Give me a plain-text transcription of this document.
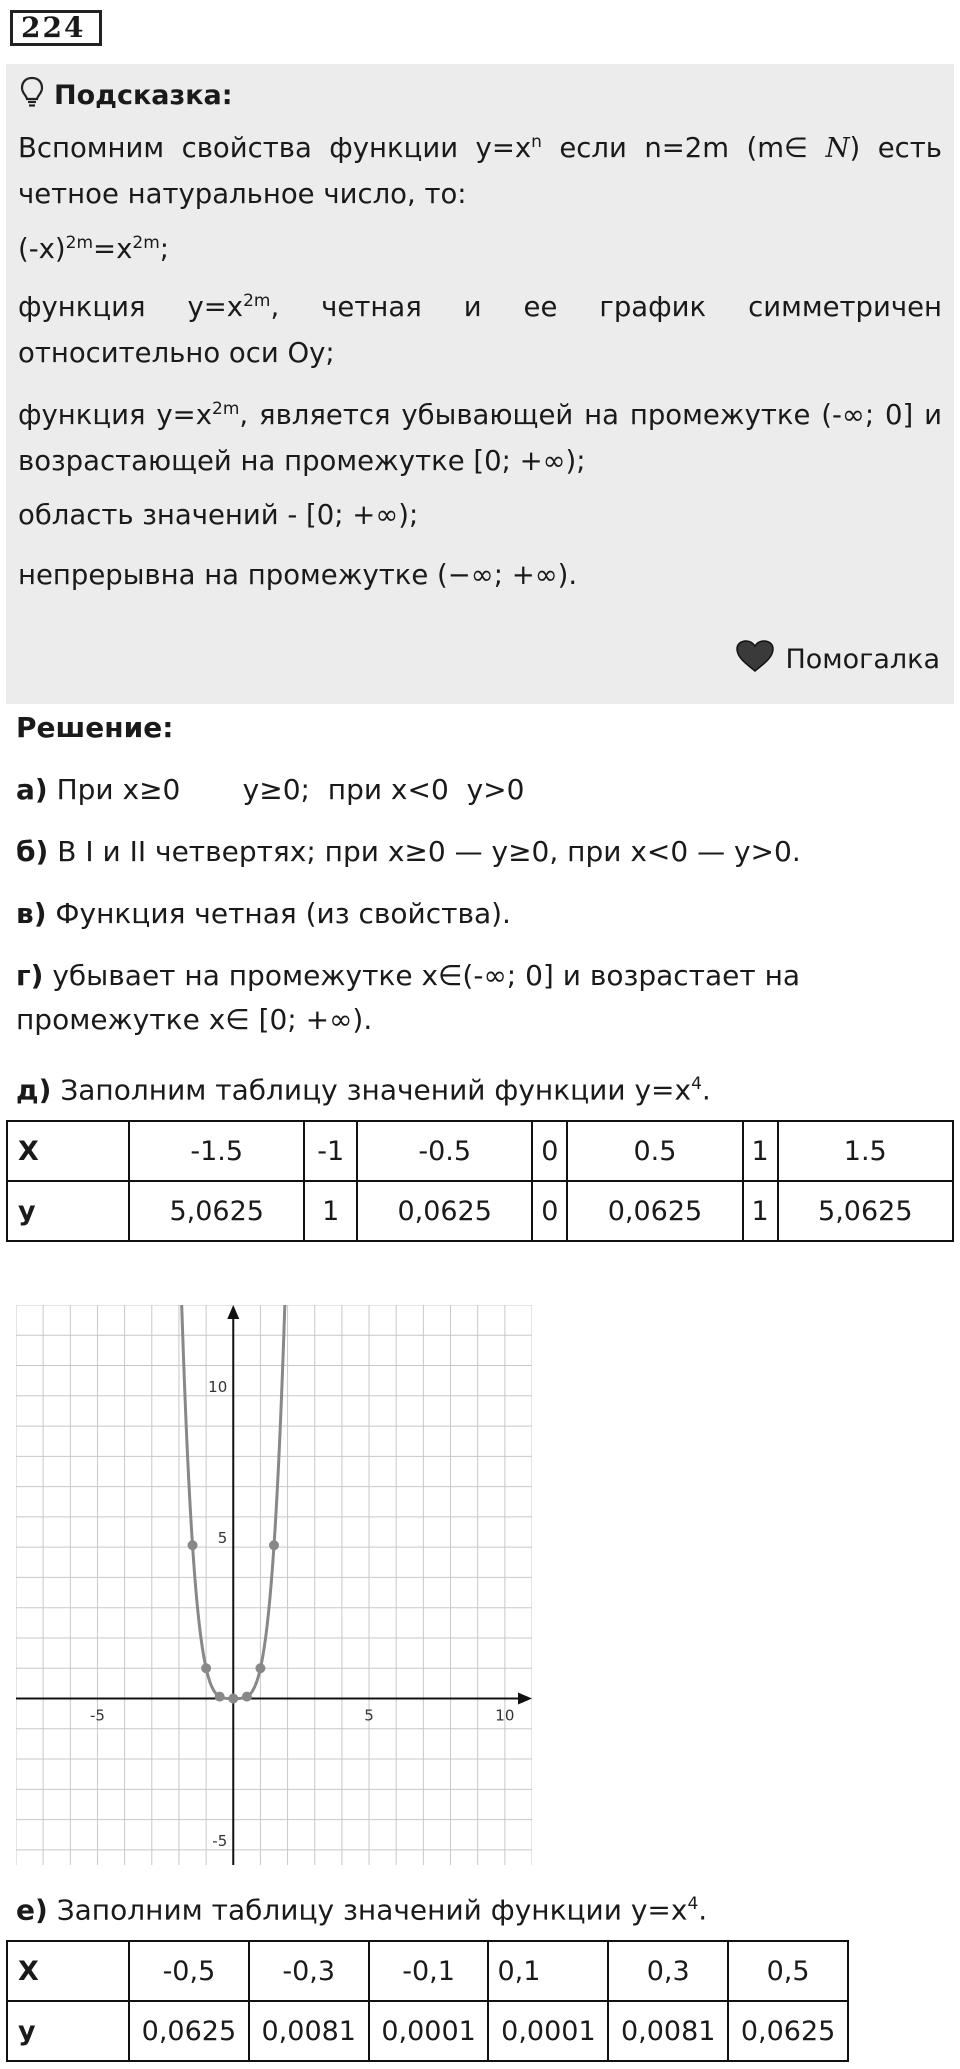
224
Подсказка:

Вспомним свойства функции $y=x^n$ если n=2m (m∈ N) есть четное натуральное число, то:

$(-x)^{2m}=x^{2m}$;

функция $y=x^{2m}$, четная и ее график симметричен относительно оси Оy;

функция $y=x^{2m}$, является убывающей на промежутке (-∞; 0] и возрастающей на промежутке [0; +∞);

область значений - [0; +∞);

непрерывна на промежутке (−∞; +∞).

Помогалка

Решение:

а) При x≥0       y≥0;  при x<0  y>0

б) В I и II четвертях; при x≥0 — y≥0, при x<0 — y>0.

в) Функция четная (из свойства).

г) убывает на промежутке x∈(-∞; 0] и возрастает на
промежутке x∈ [0; +∞).

д) Заполним таблицу значений функции $y=x^4$.

X	-1.5	-1	-0.5	0	0.5	1	1.5
y	5,0625	1	0,0625	0	0,0625	1	5,0625
-5	5	10
10
5
-5

е) Заполним таблицу значений функции $y=x^4$.

X	-0,5	-0,3	-0,1	0,1	0,3	0,5
y	0,0625	0,0081	0,0001	0,0001	0,0081	0,0625
